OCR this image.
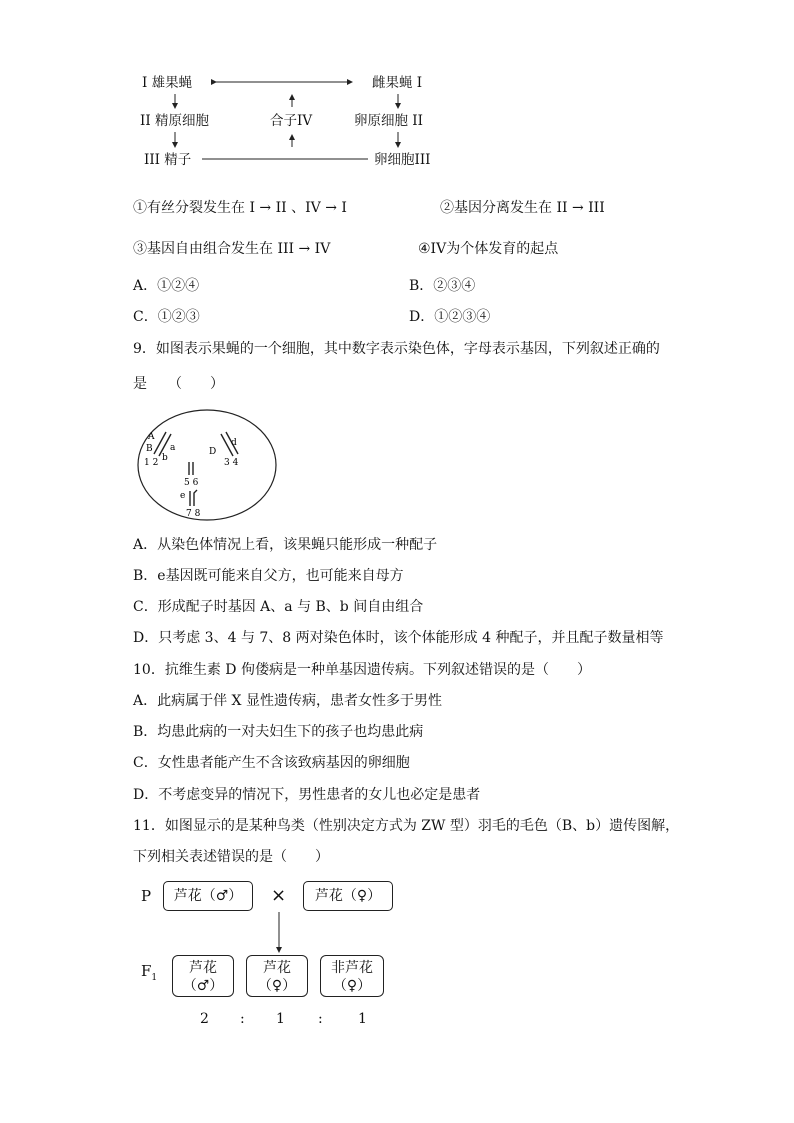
I 雄果蝇	雌果蝇 I
II 精原细胞	合子IV	卵原细胞 II
III 精子	卵细胞III
①有丝分裂发生在 I → II 、IV → I	②基因分离发生在 II → III
③基因自由组合发生在 III → IV	④IV为个体发育的起点
A．①②④	B．②③④
C．①②③	D．①②③④
9．如图表示果蝇的一个细胞，其中数字表示染色体，字母表示基因，下列叙述正确的
是　　（　　）
A
B a
b
1 2
d
D
3 4
5 6
e
7 8
A．从染色体情况上看，该果蝇只能形成一种配子
B．e基因既可能来自父方，也可能来自母方
C．形成配子时基因 A、a 与 B、b 间自由组合
D．只考虑 3、4 与 7、8 两对染色体时，该个体能形成 4 种配子，并且配子数量相等
10．抗维生素 D 佝偻病是一种单基因遗传病。下列叙述错误的是（　　）
A．此病属于伴 X 显性遗传病，患者女性多于男性
B．均患此病的一对夫妇生下的孩子也均患此病
C．女性患者能产生不含该致病基因的卵细胞
D．不考虑变异的情况下，男性患者的女儿也必定是患者
11．如图显示的是某种鸟类（性别决定方式为 ZW 型）羽毛的毛色（B、b）遗传图解，
下列相关表述错误的是（　　）
P	芦花（♂）	×	芦花（♀）
$F_1$
芦花
（♂）
芦花
（♀）
非芦花
（♀）
2 : 1 :	1
